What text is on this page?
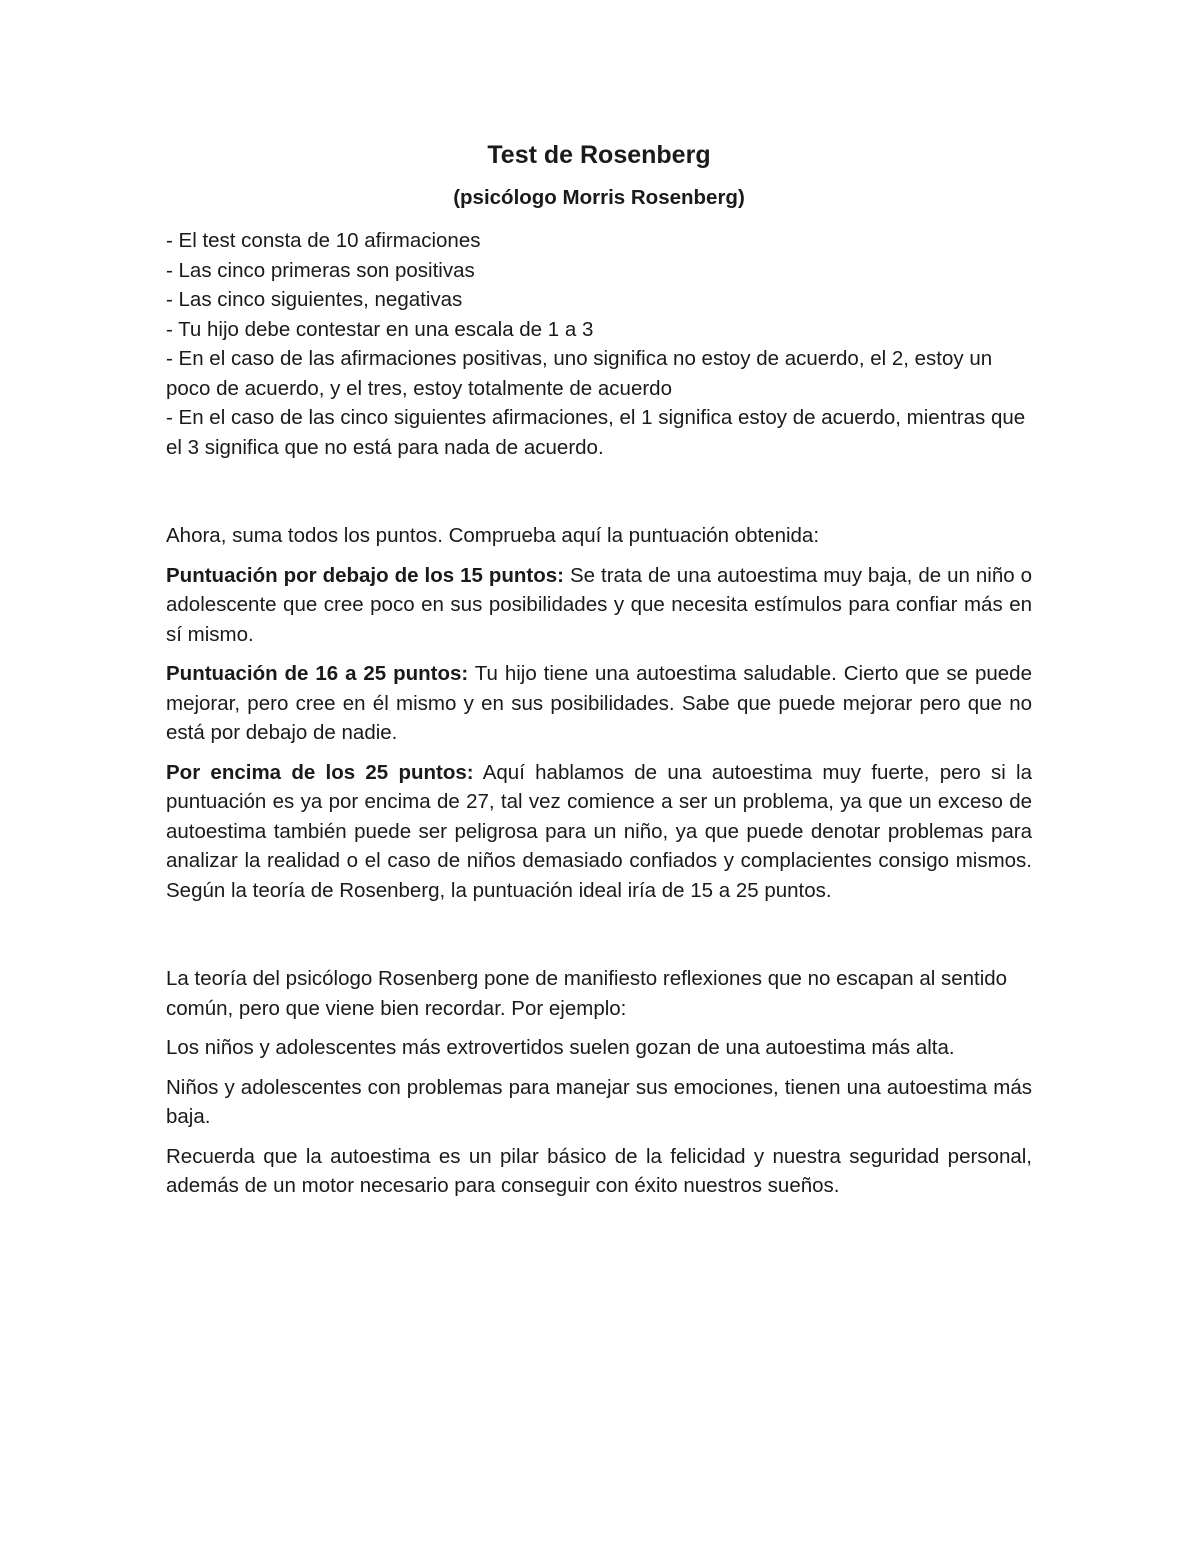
Test de Rosenberg
(psicólogo Morris Rosenberg)
- El test consta de 10 afirmaciones
- Las cinco primeras son positivas
- Las cinco siguientes, negativas
- Tu hijo debe contestar en una escala de 1 a 3
- En el caso de las afirmaciones positivas, uno significa no estoy de acuerdo, el 2, estoy un poco de acuerdo, y el tres, estoy totalmente de acuerdo
- En el caso de las cinco siguientes afirmaciones, el 1 significa estoy de acuerdo, mientras que el 3 significa que no está para nada de acuerdo.

Ahora, suma todos los puntos. Comprueba aquí la puntuación obtenida:

Puntuación por debajo de los 15 puntos: Se trata de una autoestima muy baja, de un niño o adolescente que cree poco en sus posibilidades y que necesita estímulos para confiar más en sí mismo.

Puntuación de 16 a 25 puntos: Tu hijo tiene una autoestima saludable. Cierto que se puede mejorar, pero cree en él mismo y en sus posibilidades. Sabe que puede mejorar pero que no está por debajo de nadie.

Por encima de los 25 puntos: Aquí hablamos de una autoestima muy fuerte, pero si la puntuación es ya por encima de 27, tal vez comience a ser un problema, ya que un exceso de autoestima también puede ser peligrosa para un niño, ya que puede denotar problemas para analizar la realidad o el caso de niños demasiado confiados y complacientes consigo mismos. Según la teoría de Rosenberg, la puntuación ideal iría de 15 a 25 puntos.

La teoría del psicólogo Rosenberg pone de manifiesto reflexiones que no escapan al sentido común, pero que viene bien recordar. Por ejemplo:

Los niños y adolescentes más extrovertidos suelen gozan de una autoestima más alta.

Niños y adolescentes con problemas para manejar sus emociones, tienen una autoestima más baja.

Recuerda que la autoestima es un pilar básico de la felicidad y nuestra seguridad personal, además de un motor necesario para conseguir con éxito nuestros sueños.
